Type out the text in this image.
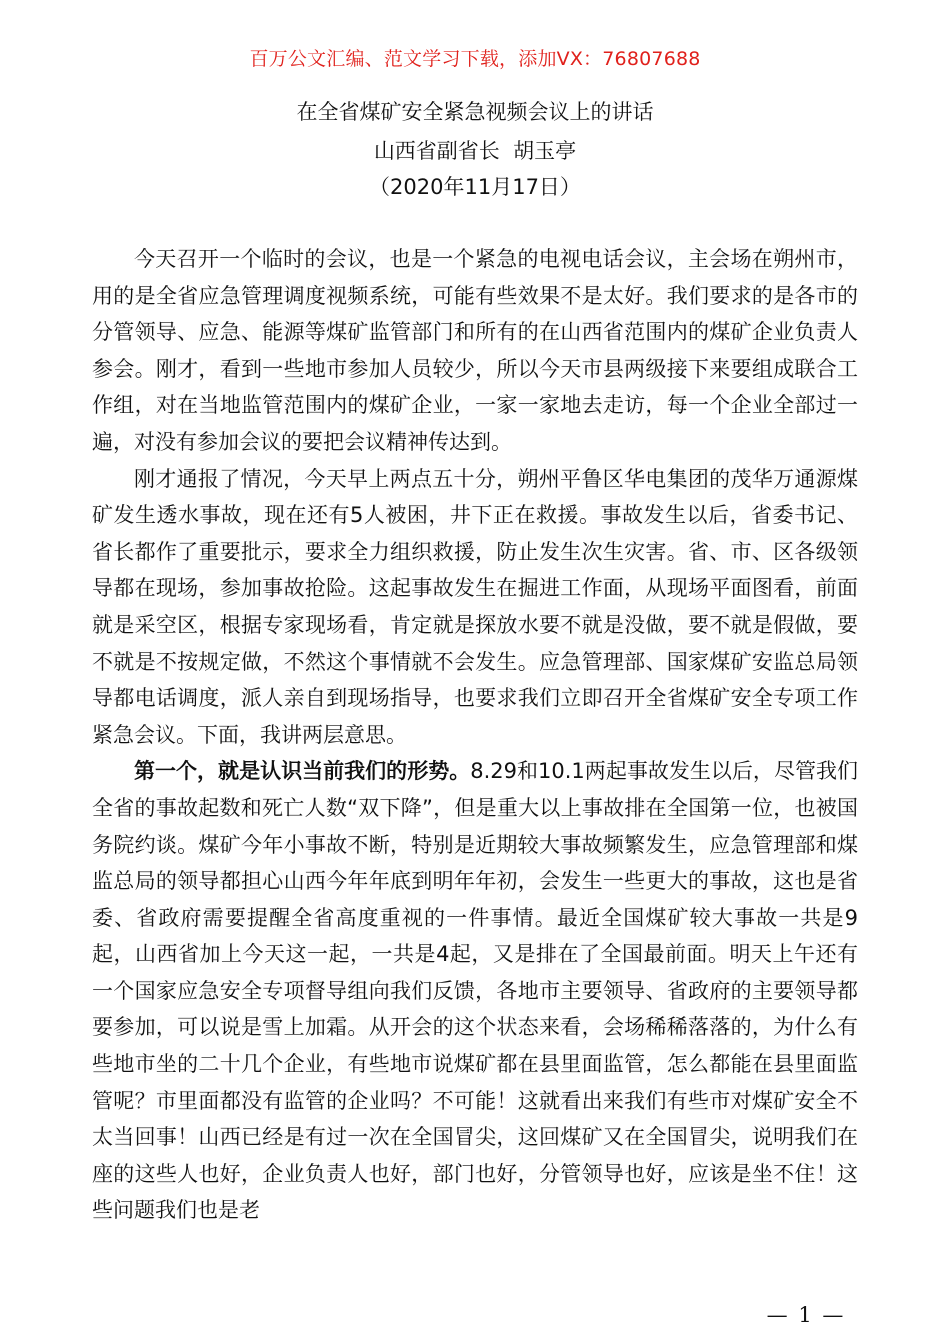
百万公文汇编、范文学习下载，添加VX：76807688
在全省煤矿安全紧急视频会议上的讲话
山西省副省长  胡玉亭
（2020年11月17日）

今天召开一个临时的会议，也是一个紧急的电视电话会议，主会场在朔州市，用的是全省应急管理调度视频系统，可能有些效果不是太好。我们要求的是各市的分管领导、应急、能源等煤矿监管部门和所有的在山西省范围内的煤矿企业负责人参会。刚才，看到一些地市参加人员较少，所以今天市县两级接下来要组成联合工作组，对在当地监管范围内的煤矿企业，一家一家地去走访，每一个企业全部过一遍，对没有参加会议的要把会议精神传达到。

刚才通报了情况，今天早上两点五十分，朔州平鲁区华电集团的茂华万通源煤矿发生透水事故，现在还有5人被困，井下正在救援。事故发生以后，省委书记、省长都作了重要批示，要求全力组织救援，防止发生次生灾害。省、市、区各级领导都在现场，参加事故抢险。这起事故发生在掘进工作面，从现场平面图看，前面就是采空区，根据专家现场看，肯定就是探放水要不就是没做，要不就是假做，要不就是不按规定做，不然这个事情就不会发生。应急管理部、国家煤矿安监总局领导都电话调度，派人亲自到现场指导，也要求我们立即召开全省煤矿安全专项工作紧急会议。下面，我讲两层意思。

第一个，就是认识当前我们的形势。8.29和10.1两起事故发生以后，尽管我们全省的事故起数和死亡人数“双下降”，但是重大以上事故排在全国第一位，也被国务院约谈。煤矿今年小事故不断，特别是近期较大事故频繁发生，应急管理部和煤监总局的领导都担心山西今年年底到明年年初，会发生一些更大的事故，这也是省委、省政府需要提醒全省高度重视的一件事情。最近全国煤矿较大事故一共是9起，山西省加上今天这一起，一共是4起，又是排在了全国最前面。明天上午还有一个国家应急安全专项督导组向我们反馈，各地市主要领导、省政府的主要领导都要参加，可以说是雪上加霜。从开会的这个状态来看，会场稀稀落落的，为什么有些地市坐的二十几个企业，有些地市说煤矿都在县里面监管，怎么都能在县里面监管呢？市里面都没有监管的企业吗？不可能！这就看出来我们有些市对煤矿安全不太当回事！山西已经是有过一次在全国冒尖，这回煤矿又在全国冒尖，说明我们在座的这些人也好，企业负责人也好，部门也好，分管领导也好，应该是坐不住！这些问题我们也是老

— 1 —
